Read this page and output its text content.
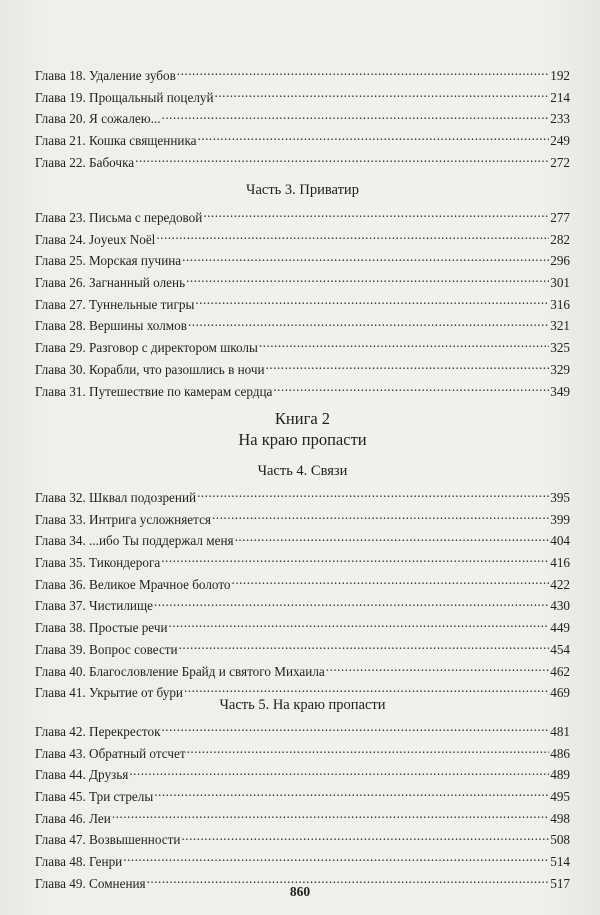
Глава 18. Удаление зубов .....	192
Глава 19. Прощальный поцелуй .....	214
Глава 20. Я сожалею... .....	233
Глава 21. Кошка священника .....	249
Глава 22. Бабочка .....	272
Часть 3. Приватир
Глава 23. Письма с передовой .....	277
Глава 24. Joyeux Noël .....	282
Глава 25. Морская пучина .....	296
Глава 26. Загнанный олень .....	301
Глава 27. Туннельные тигры .....	316
Глава 28. Вершины холмов .....	321
Глава 29. Разговор с директором школы .....	325
Глава 30. Корабли, что разошлись в ночи .....	329
Глава 31. Путешествие по камерам сердца .....	349
Книга 2
На краю пропасти
Часть 4. Связи
Глава 32. Шквал подозрений .....	395
Глава 33. Интрига усложняется .....	399
Глава 34. ...ибо Ты поддержал меня .....	404
Глава 35. Тикондерога .....	416
Глава 36. Великое Мрачное болото .....	422
Глава 37. Чистилище .....	430
Глава 38. Простые речи .....	449
Глава 39. Вопрос совести .....	454
Глава 40. Благословление Брайд и святого Михаила .....	462
Глава 41. Укрытие от бури .....	469
Часть 5. На краю пропасти
Глава 42. Перекресток .....	481
Глава 43. Обратный отсчет .....	486
Глава 44. Друзья .....	489
Глава 45. Три стрелы .....	495
Глава 46. Леи .....	498
Глава 47. Возвышенности .....	508
Глава 48. Генри .....	514
Глава 49. Сомнения .....	517
860
